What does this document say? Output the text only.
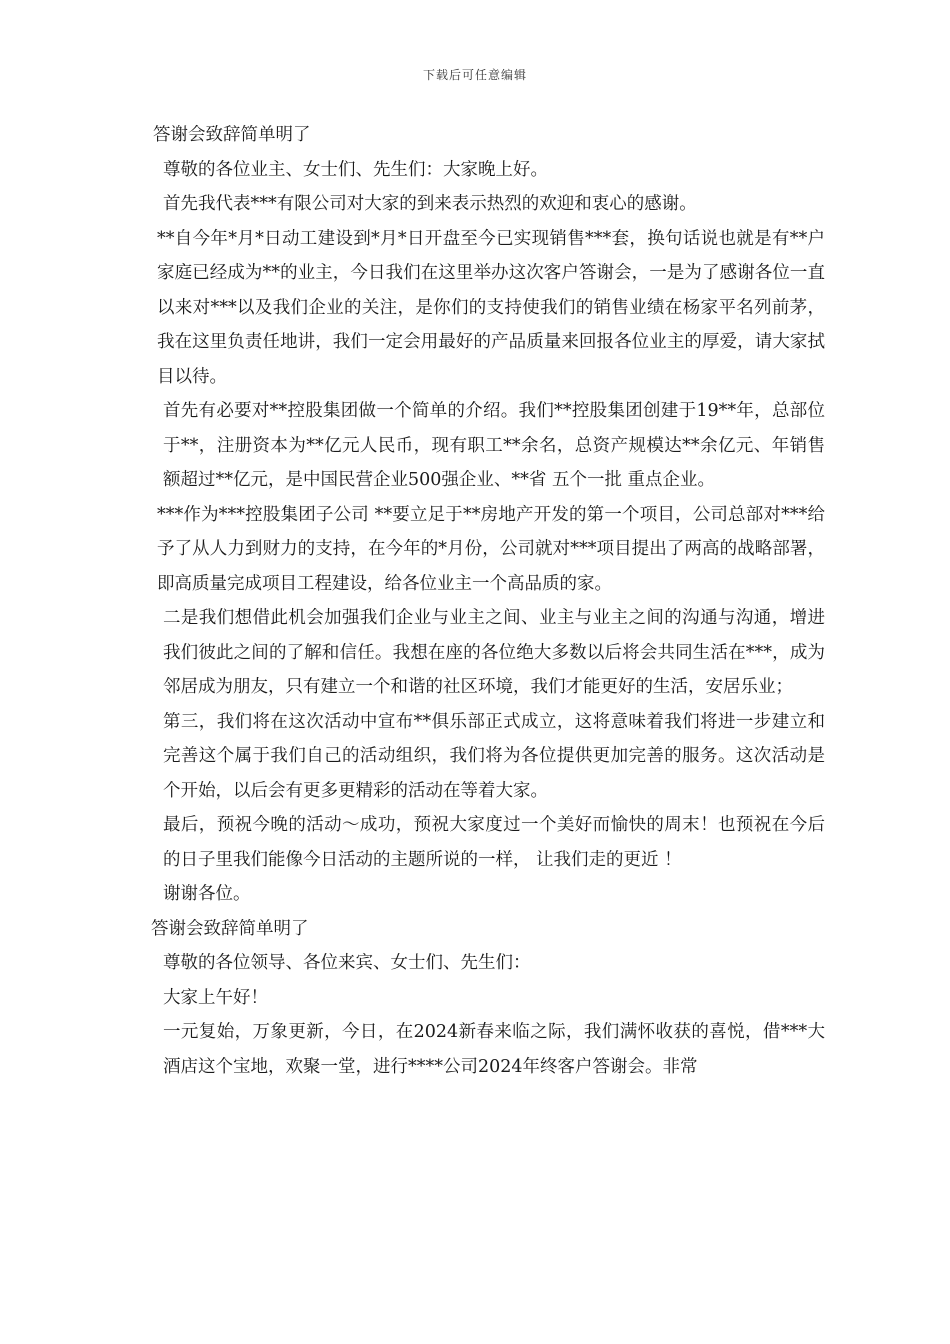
下载后可任意编辑

答谢会致辞简单明了

尊敬的各位业主、女士们、先生们：大家晚上好。

首先我代表***有限公司对大家的到来表示热烈的欢迎和衷心的感谢。

**自今年*月*日动工建设到*月*日开盘至今已实现销售***套，换句话说也就是有**户家庭已经成为**的业主，今日我们在这里举办这次客户答谢会，一是为了感谢各位一直以来对***以及我们企业的关注，是你们的支持使我们的销售业绩在杨家平名列前茅，我在这里负责任地讲，我们一定会用最好的产品质量来回报各位业主的厚爱，请大家拭目以待。

首先有必要对**控股集团做一个简单的介绍。我们**控股集团创建于19**年，总部位于**，注册资本为**亿元人民币，现有职工**余名，总资产规模达**余亿元、年销售额超过**亿元，是中国民营企业500强企业、**省 五个一批 重点企业。

***作为***控股集团子公司 **要立足于**房地产开发的第一个项目，公司总部对***给予了从人力到财力的支持，在今年的*月份，公司就对***项目提出了两高的战略部署，即高质量完成项目工程建设，给各位业主一个高品质的家。

二是我们想借此机会加强我们企业与业主之间、业主与业主之间的沟通与沟通，增进我们彼此之间的了解和信任。我想在座的各位绝大多数以后将会共同生活在***，成为邻居成为朋友，只有建立一个和谐的社区环境，我们才能更好的生活，安居乐业；

第三，我们将在这次活动中宣布**俱乐部正式成立，这将意味着我们将进一步建立和完善这个属于我们自己的活动组织，我们将为各位提供更加完善的服务。这次活动是个开始，以后会有更多更精彩的活动在等着大家。

最后，预祝今晚的活动～成功，预祝大家度过一个美好而愉快的周末！也预祝在今后的日子里我们能像今日活动的主题所说的一样， 让我们走的更近 ！

谢谢各位。

答谢会致辞简单明了

尊敬的各位领导、各位来宾、女士们、先生们：

大家上午好！

一元复始，万象更新，今日，在2024新春来临之际，我们满怀收获的喜悦，借***大酒店这个宝地，欢聚一堂，进行****公司2024年终客户答谢会。非常
